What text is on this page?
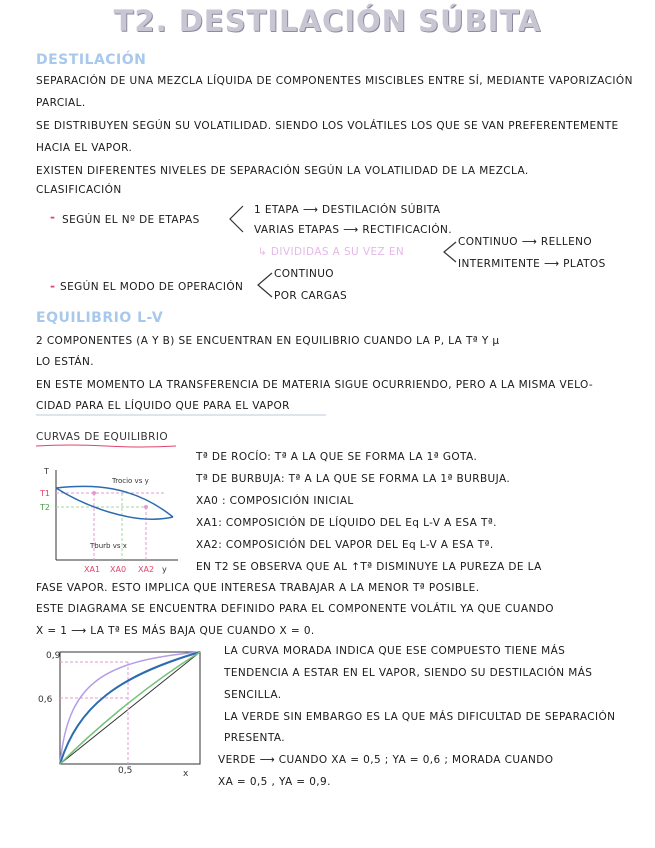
T2. DESTILACIÓN SÚBITA
DESTILACIÓN
SEPARACIÓN DE UNA MEZCLA LÍQUIDA DE COMPONENTES MISCIBLES ENTRE SÍ, MEDIANTE VAPORIZACIÓN
PARCIAL.
SE DISTRIBUYEN SEGÚN SU VOLATILIDAD. SIENDO LOS VOLÁTILES LOS QUE SE VAN PREFERENTEMENTE
HACIA EL VAPOR.
EXISTEN DIFERENTES NIVELES DE SEPARACIÓN SEGÚN LA VOLATILIDAD DE LA MEZCLA.
CLASIFICACIÓN
- SEGÚN EL Nº DE ETAPAS
1 ETAPA ⟶ DESTILACIÓN SÚBITA
VARIAS ETAPAS ⟶ RECTIFICACIÓN.
↳ DIVIDIDAS A SU VEZ EN
CONTINUO ⟶ RELLENO
INTERMITENTE ⟶ PLATOS
- SEGÚN EL MODO DE OPERACIÓN
CONTINUO
POR CARGAS
EQUILIBRIO L-V
2 COMPONENTES (A Y B) SE ENCUENTRAN EN EQUILIBRIO CUANDO LA P, LA Tª Y µ
LO ESTÁN.
EN ESTE MOMENTO LA TRANSFERENCIA DE MATERIA SIGUE OCURRIENDO, PERO A LA MISMA VELO-
CIDAD PARA EL LÍQUIDO QUE PARA EL VAPOR
CURVAS DE EQUILIBRIO
Tª DE ROCÍO: Tª A LA QUE SE FORMA LA 1ª GOTA.
Tª DE BURBUJA: Tª A LA QUE SE FORMA LA 1ª BURBUJA.
XA0 : COMPOSICIÓN INICIAL
XA1: COMPOSICIÓN DE LÍQUIDO DEL Eq L-V A ESA Tª.
XA2: COMPOSICIÓN DEL VAPOR DEL Eq L-V A ESA Tª.
EN T2 SE OBSERVA QUE AL ↑Tª DISMINUYE LA PUREZA DE LA
FASE VAPOR. ESTO IMPLICA QUE INTERESA TRABAJAR A LA MENOR Tª POSIBLE.
ESTE DIAGRAMA SE ENCUENTRA DEFINIDO PARA EL COMPONENTE VOLÁTIL YA QUE CUANDO
X = 1 ⟶ LA Tª ES MÁS BAJA QUE CUANDO X = 0.
T
T1
T2
Trocio vs y
Tburb vs x
XA1 XA0 XA2 y
0,9
0,6
0,5	x
LA CURVA MORADA INDICA QUE ESE COMPUESTO TIENE MÁS
TENDENCIA A ESTAR EN EL VAPOR, SIENDO SU DESTILACIÓN MÁS
SENCILLA.
LA VERDE SIN EMBARGO ES LA QUE MÁS DIFICULTAD DE SEPARACIÓN
PRESENTA.
VERDE ⟶ CUANDO XA = 0,5 ; YA = 0,6 ; MORADA CUANDO
XA = 0,5 , YA = 0,9.
